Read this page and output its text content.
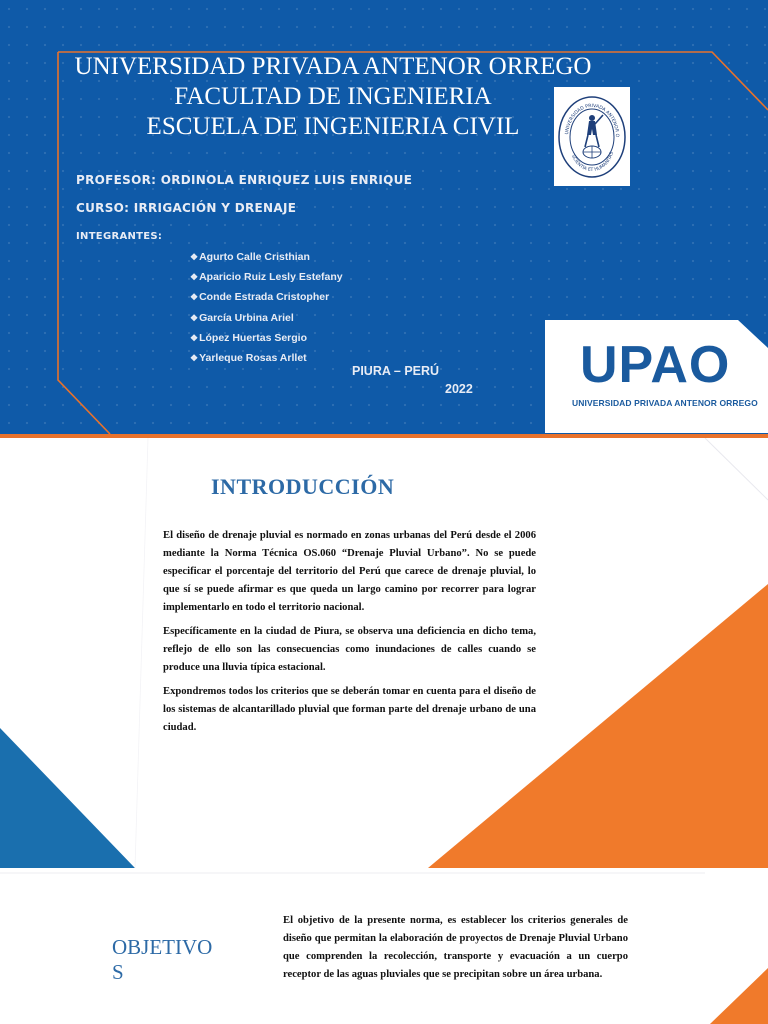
UNIVERSIDAD PRIVADA ANTENOR ORREGO
FACULTAD DE INGENIERIA
ESCUELA DE INGENIERIA CIVIL
PROFESOR: ORDINOLA ENRIQUEZ LUIS ENRIQUE
CURSO: IRRIGACIÓN Y DRENAJE
INTEGRANTES:
❖Agurto Calle Cristhian
❖Aparicio Ruiz Lesly Estefany
❖Conde Estrada Cristopher
❖García Urbina Ariel
❖López Huertas Sergio
❖Yarleque Rosas Arllet
PIURA – PERÚ
2022
UNIVERSIDAD PRIVADA ANTENOR O
SCIENTIA ET HUMANITAS
UPAO
UNIVERSIDAD PRIVADA ANTENOR ORREGO
INTRODUCCIÓN

El diseño de drenaje pluvial es normado en zonas urbanas del Perú desde el 2006 mediante la Norma Técnica OS.060 “Drenaje Pluvial Urbano”. No se puede especificar el porcentaje del territorio del Perú que carece de drenaje pluvial, lo que sí se puede afirmar es que queda un largo camino por recorrer para lograr implementarlo en todo el territorio nacional.

Específicamente en la ciudad de Piura, se observa una deficiencia en dicho tema, reflejo de ello son las consecuencias como inundaciones de calles cuando se produce una lluvia típica estacional.

Expondremos todos los criterios que se deberán tomar en cuenta para el diseño de los sistemas de alcantarillado pluvial que forman parte del drenaje urbano de una ciudad.

OBJETIVOS

El objetivo de la presente norma, es establecer los criterios generales de diseño que permitan la elaboración de proyectos de Drenaje Pluvial Urbano que comprenden la recolección, transporte y evacuación a un cuerpo receptor de las aguas pluviales que se precipitan sobre un área urbana.
